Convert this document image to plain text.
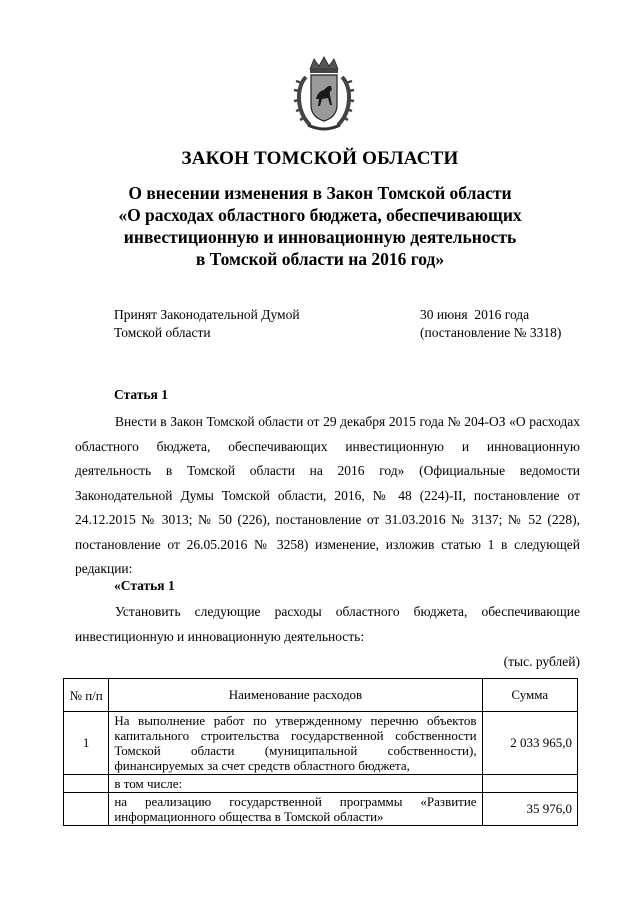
ЗАКОН ТОМСКОЙ ОБЛАСТИ
О внесении изменения в Закон Томской области
«О расходах областного бюджета, обеспечивающих
инвестиционную и инновационную деятельность
в Томской области на 2016 год»
Принят Законодательной Думой
Томской области
30 июня  2016 года
(постановление № 3318)
Статья 1

Внести в Закон Томской области от 29 декабря 2015 года № 204-ОЗ «О расходах областного бюджета, обеспечивающих инвестиционную и инновационную деятельность в Томской области на 2016 год» (Официальные ведомости Законодательной Думы Томской области, 2016, № 48 (224)-II, постановление от 24.12.2015 № 3013; № 50 (226), постановление от 31.03.2016 № 3137; № 52 (228), постановление от 26.05.2016 № 3258) изменение, изложив статью 1 в следующей редакции:

«Статья 1

Установить следующие расходы областного бюджета, обеспечивающие инвестиционную и инновационную деятельность:

(тыс. рублей)
№ п/п	Наименование расходов	Сумма
1	На выполнение работ по утвержденному перечню объектов капитального строительства государственной собственности Томской области (муниципальной собственности), финансируемых за счет средств областного бюджета,	2 033 965,0
	в том числе:	
	на реализацию государственной программы «Развитие информационного общества в Томской области»	35 976,0
